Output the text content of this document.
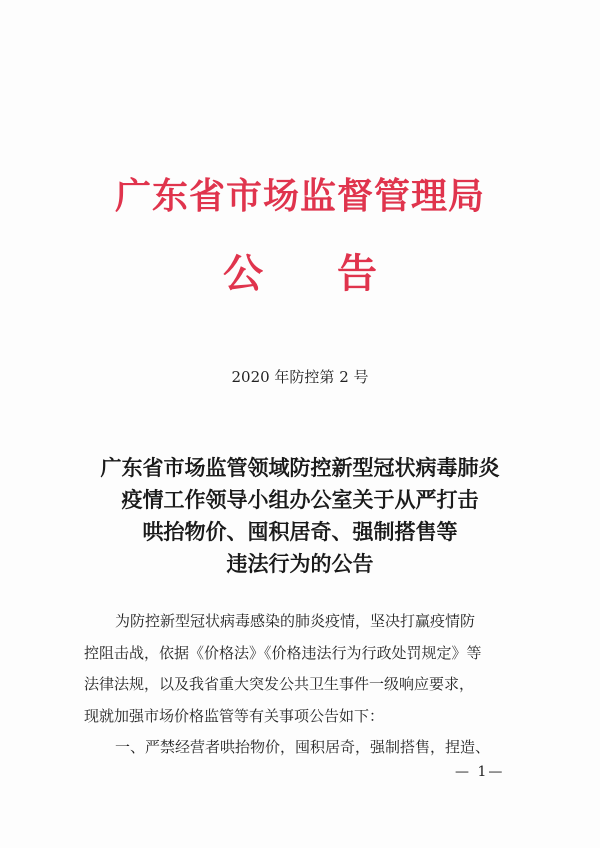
广东省市场监督管理局
公 告
2020 年防控第 2 号
广东省市场监管领域防控新型冠状病毒肺炎
疫情工作领导小组办公室关于从严打击
哄抬物价、囤积居奇、强制搭售等
违法行为的公告
为防控新型冠状病毒感染的肺炎疫情，坚决打赢疫情防
控阻击战，依据《价格法》《价格违法行为行政处罚规定》等
法律法规，以及我省重大突发公共卫生事件一级响应要求，
现就加强市场价格监管等有关事项公告如下：
一、严禁经营者哄抬物价，囤积居奇，强制搭售，捏造、
— 1—
